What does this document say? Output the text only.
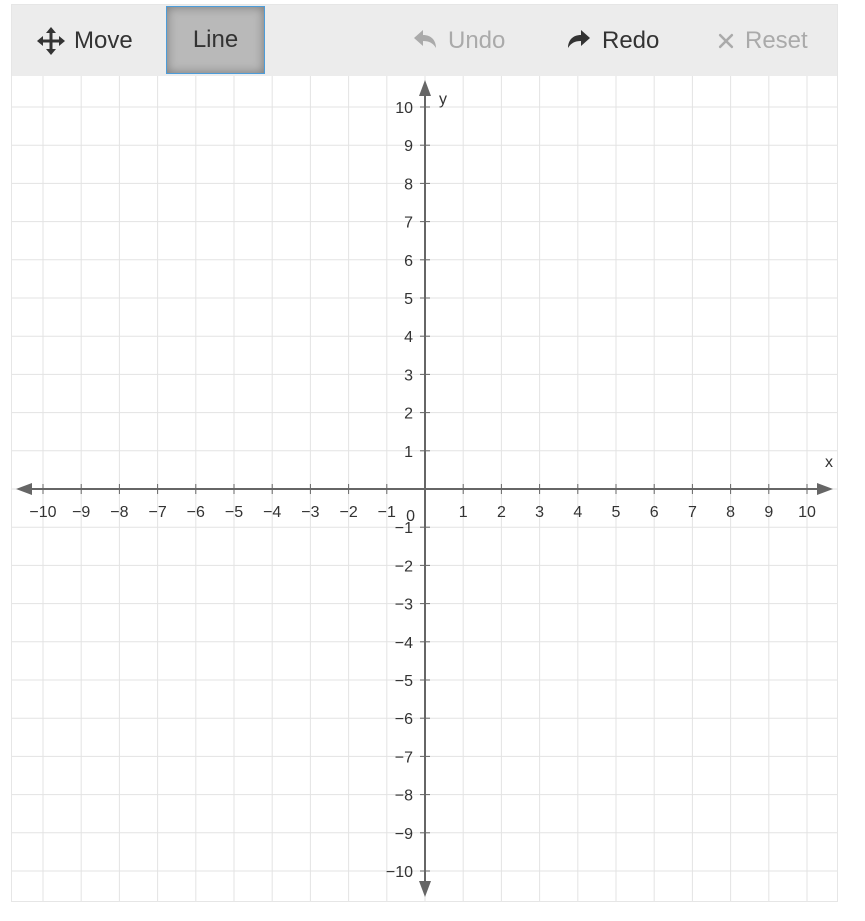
Move	Line	Undo	Redo	Reset
−10 −9 −8 −7 −6 −5 −4 −3 −2 −1	1 2 3 4 5 6 7 8 9 10
10
9
8
7
6
5
4
3
2
1
−1
−2
−3
−4
−5
−6
−7
−8
−9
−10
x
y
0
